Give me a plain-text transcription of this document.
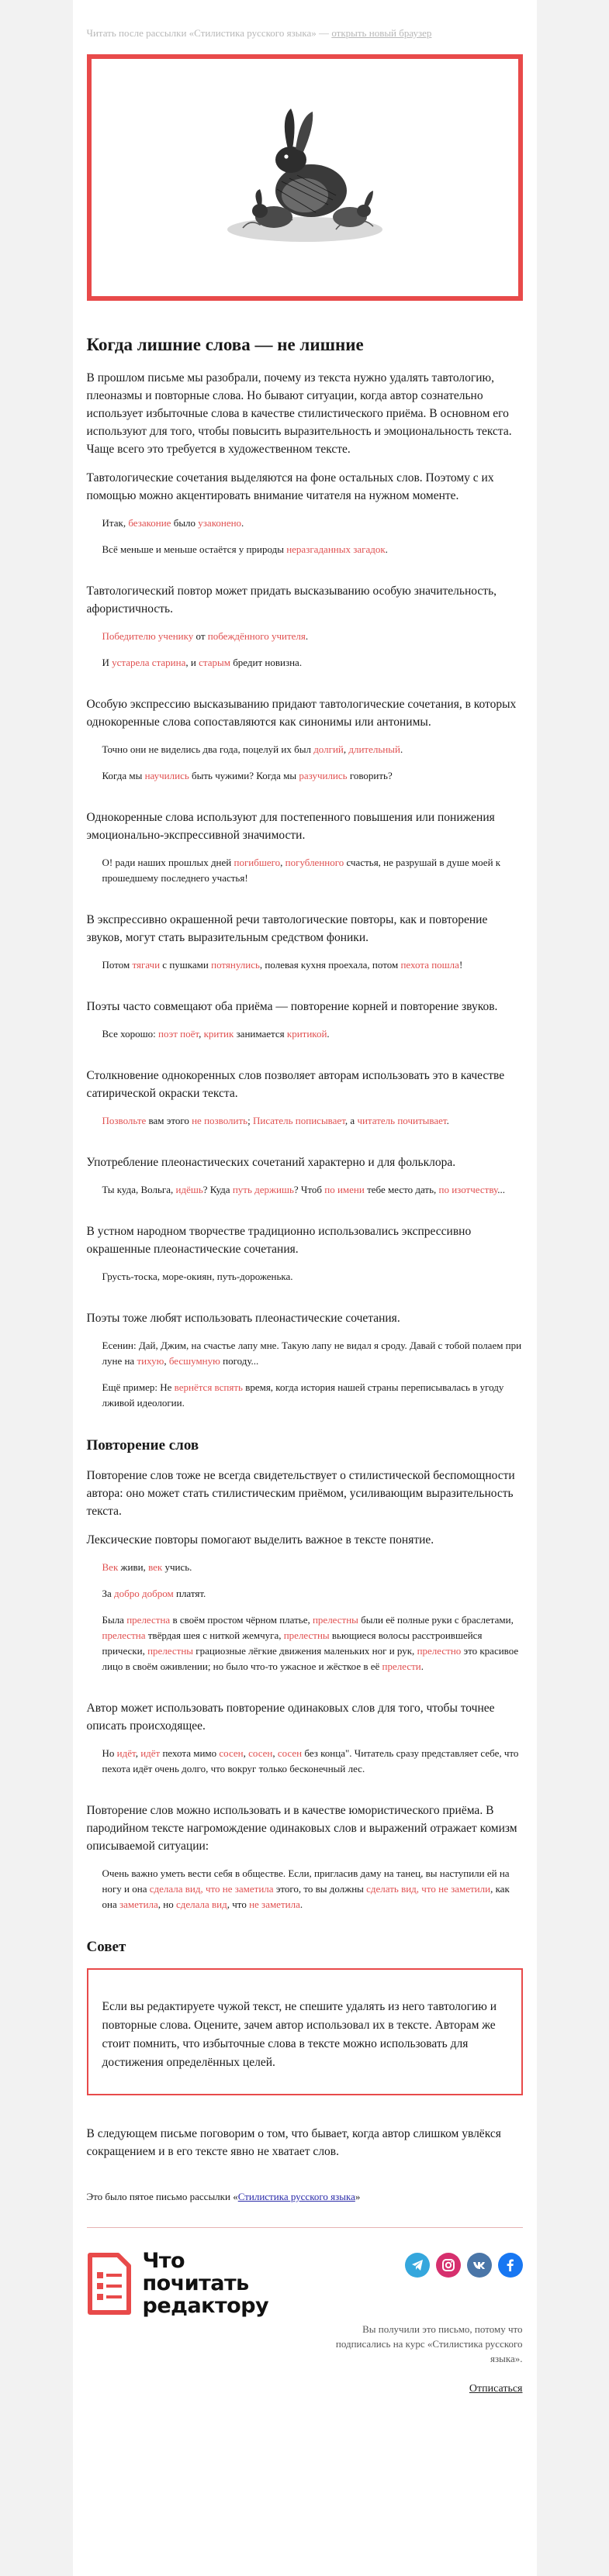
Читать после рассылки «Стилистика русского языка» — открыть новый браузер
Когда лишние слова — не лишние

В прошлом письме мы разобрали, почему из текста нужно удалять тавтологию, плеоназмы и повторные слова. Но бывают ситуации, когда автор сознательно использует избыточные слова в качестве стилистического приёма. В основном его используют для того, чтобы повысить выразительность и эмоциональность текста. Чаще всего это требуется в художественном тексте.

Тавтологические сочетания выделяются на фоне остальных слов. Поэтому с их помощью можно акцентировать внимание читателя на нужном моменте.

Итак, безаконие было узаконено.

Всё меньше и меньше остаётся у природы неразгаданных загадок.

Тавтологический повтор может придать высказыванию особую значительность, афористичность.

Победителю ученику от побеждённого учителя.

И устарела старина, и старым бредит новизна.

Особую экспрессию высказыванию придают тавтологические сочетания, в которых однокоренные слова сопоставляются как синонимы или антонимы.

Точно они не виделись два года, поцелуй их был долгий, длительный.

Когда мы научились быть чужими? Когда мы разучились говорить?

Однокоренные слова используют для постепенного повышения или понижения эмоционально-экспрессивной значимости.

О! ради наших прошлых дней погибшего, погубленного счастья, не разрушай в душе моей к прошедшему последнего участья!

В экспрессивно окрашенной речи тавтологические повторы, как и повторение звуков, могут стать выразительным средством фоники.

Потом тягачи с пушками потянулись, полевая кухня проехала, потом пехота пошла!

Поэты часто совмещают оба приёма — повторение корней и повторение звуков.

Все хорошо: поэт поёт, критик занимается критикой.

Столкновение однокоренных слов позволяет авторам использовать это в качестве сатирической окраски текста.

Позвольте вам этого не позволить; Писатель пописывает, а читатель почитывает.

Употребление плеонастических сочетаний характерно и для фольклора.

Ты куда, Вольга, идёшь? Куда путь держишь? Чтоб по имени тебе место дать, по изотчеству...

В устном народном творчестве традиционно использовались экспрессивно окрашенные плеонастические сочетания.

Грусть-тоска, море-окиян, путь-дороженька.

Поэты тоже любят использовать плеонастические сочетания.

Есенин: Дай, Джим, на счастье лапу мне. Такую лапу не видал я сроду. Давай с тобой полаем при луне на тихую, бесшумную погоду...

Ещё пример: Не вернётся вспять время, когда история нашей страны переписывалась в угоду лживой идеологии.

Повторение слов

Повторение слов тоже не всегда свидетельствует о стилистической беспомощности автора: оно может стать стилистическим приёмом, усиливающим выразительность текста.

Лексические повторы помогают выделить важное в тексте понятие.

Век живи, век учись.

За добро добром платят.

Была прелестна в своём простом чёрном платье, прелестны были её полные руки с браслетами, прелестна твёрдая шея с ниткой жемчуга, прелестны вьющиеся волосы расстроившейся прически, прелестны грациозные лёгкие движения маленьких ног и рук, прелестно это красивое лицо в своём оживлении; но было что-то ужасное и жёсткое в её прелести.

Автор может использовать повторение одинаковых слов для того, чтобы точнее описать происходящее.

Но идёт, идёт пехота мимо сосен, сосен, сосен без конца". Читатель сразу представляет себе, что пехота идёт очень долго, что вокруг только бесконечный лес.

Повторение слов можно использовать и в качестве юмористического приёма. В пародийном тексте нагромождение одинаковых слов и выражений отражает комизм описываемой ситуации:

Очень важно уметь вести себя в обществе. Если, пригласив даму на танец, вы наступили ей на ногу и она сделала вид, что не заметила этого, то вы должны сделать вид, что не заметили, как она заметила, но сделала вид, что не заметила.

Совет
Если вы редактируете чужой текст, не спешите удалять из него тавтологию и повторные слова. Оцените, зачем автор использовал их в тексте. Авторам же стоит помнить, что избыточные слова в тексте можно использовать для достижения определённых целей.

В следующем письме поговорим о том, что бывает, когда автор слишком увлёкся сокращением и в его тексте явно не хватает слов.

Это было пятое письмо рассылки «Стилистика русского языка»

Что почитать редактору
Вы получили это письмо, потому что подписались на курс «Стилистика русского языка».
Отписаться
